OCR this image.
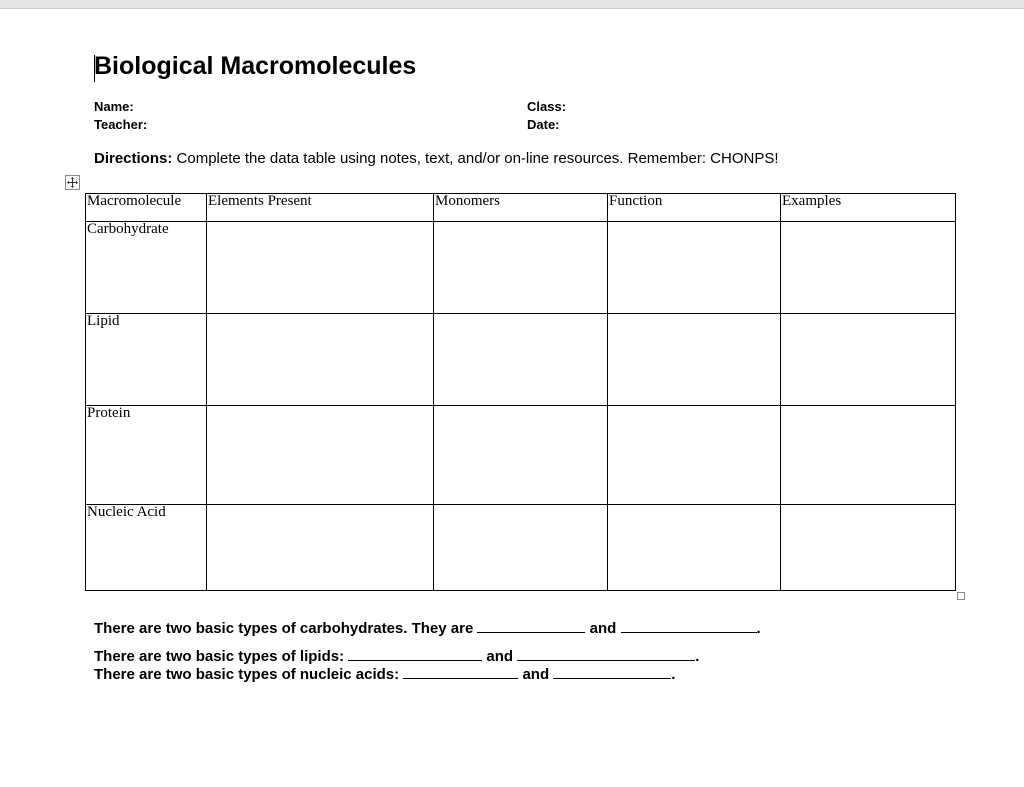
Biological Macromolecules
Name:	Class:
Teacher:	Date:
Directions: Complete the data table using notes, text, and/or on-line resources. Remember: CHONPS!
Macromolecule	Elements Present	Monomers	Function	Examples
Carbohydrate				
Lipid				
Protein				
Nucleic Acid				
There are two basic types of carbohydrates. They are	and	.
There are two basic types of lipids:	and	.
There are two basic types of nucleic acids:	and	.
